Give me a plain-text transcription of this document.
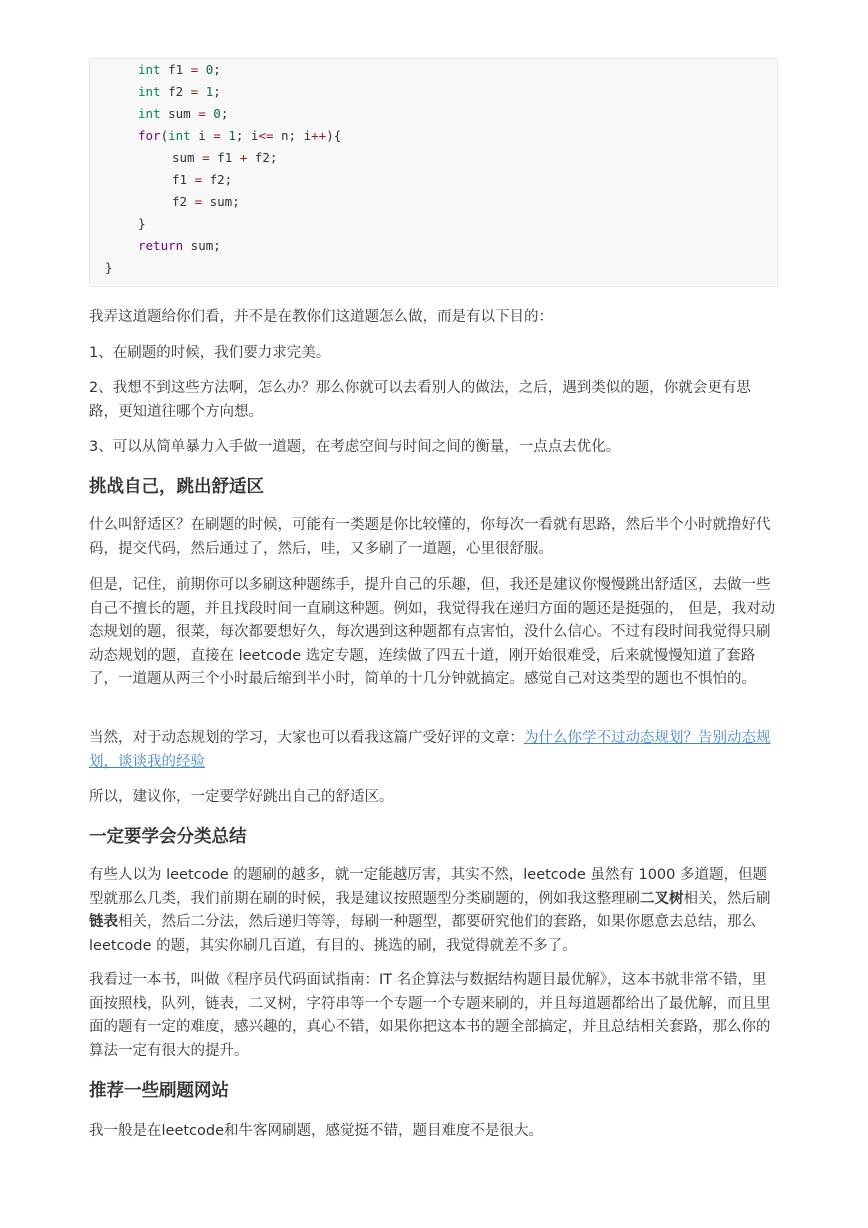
int f1 = 0;
int f2 = 1;
int sum = 0;
for(int i = 1; i<= n; i++){
sum = f1 + f2;
f1 = f2;
f2 = sum;
}
return sum;
}

我弄这道题给你们看，并不是在教你们这道题怎么做，而是有以下目的：

1、在刷题的时候，我们要力求完美。

2、我想不到这些方法啊，怎么办？那么你就可以去看别人的做法，之后，遇到类似的题，你就会更有思路，更知道往哪个方向想。

3、可以从简单暴力入手做一道题，在考虑空间与时间之间的衡量，一点点去优化。

挑战自己，跳出舒适区

什么叫舒适区？在刷题的时候，可能有一类题是你比较懂的，你每次一看就有思路，然后半个小时就撸好代码，提交代码，然后通过了，然后，哇，又多刷了一道题，心里很舒服。

但是，记住，前期你可以多刷这种题练手，提升自己的乐趣，但，我还是建议你慢慢跳出舒适区，去做一些自己不擅长的题，并且找段时间一直刷这种题。例如，我觉得我在递归方面的题还是挺强的， 但是，我对动态规划的题，很菜，每次都要想好久，每次遇到这种题都有点害怕，没什么信心。不过有段时间我觉得只刷动态规划的题，直接在 leetcode 选定专题，连续做了四五十道，刚开始很难受，后来就慢慢知道了套路了，一道题从两三个小时最后缩到半小时，简单的十几分钟就搞定。感觉自己对这类型的题也不惧怕的。

当然，对于动态规划的学习，大家也可以看我这篇广受好评的文章：为什么你学不过动态规划？告别动态规划，谈谈我的经验

所以，建议你，一定要学好跳出自己的舒适区。

一定要学会分类总结

有些人以为 leetcode 的题刷的越多，就一定能越厉害，其实不然，leetcode 虽然有 1000 多道题，但题型就那么几类，我们前期在刷的时候，我是建议按照题型分类刷题的，例如我这整理刷二叉树相关，然后刷链表相关，然后二分法，然后递归等等，每刷一种题型，都要研究他们的套路，如果你愿意去总结，那么 leetcode 的题，其实你刷几百道，有目的、挑选的刷，我觉得就差不多了。

我看过一本书，叫做《程序员代码面试指南：IT 名企算法与数据结构题目最优解》，这本书就非常不错，里面按照栈，队列，链表，二叉树，字符串等一个专题一个专题来刷的，并且每道题都给出了最优解，而且里面的题有一定的难度，感兴趣的，真心不错，如果你把这本书的题全部搞定，并且总结相关套路，那么你的算法一定有很大的提升。

推荐一些刷题网站

我一般是在leetcode和牛客网刷题，感觉挺不错，题目难度不是很大。
